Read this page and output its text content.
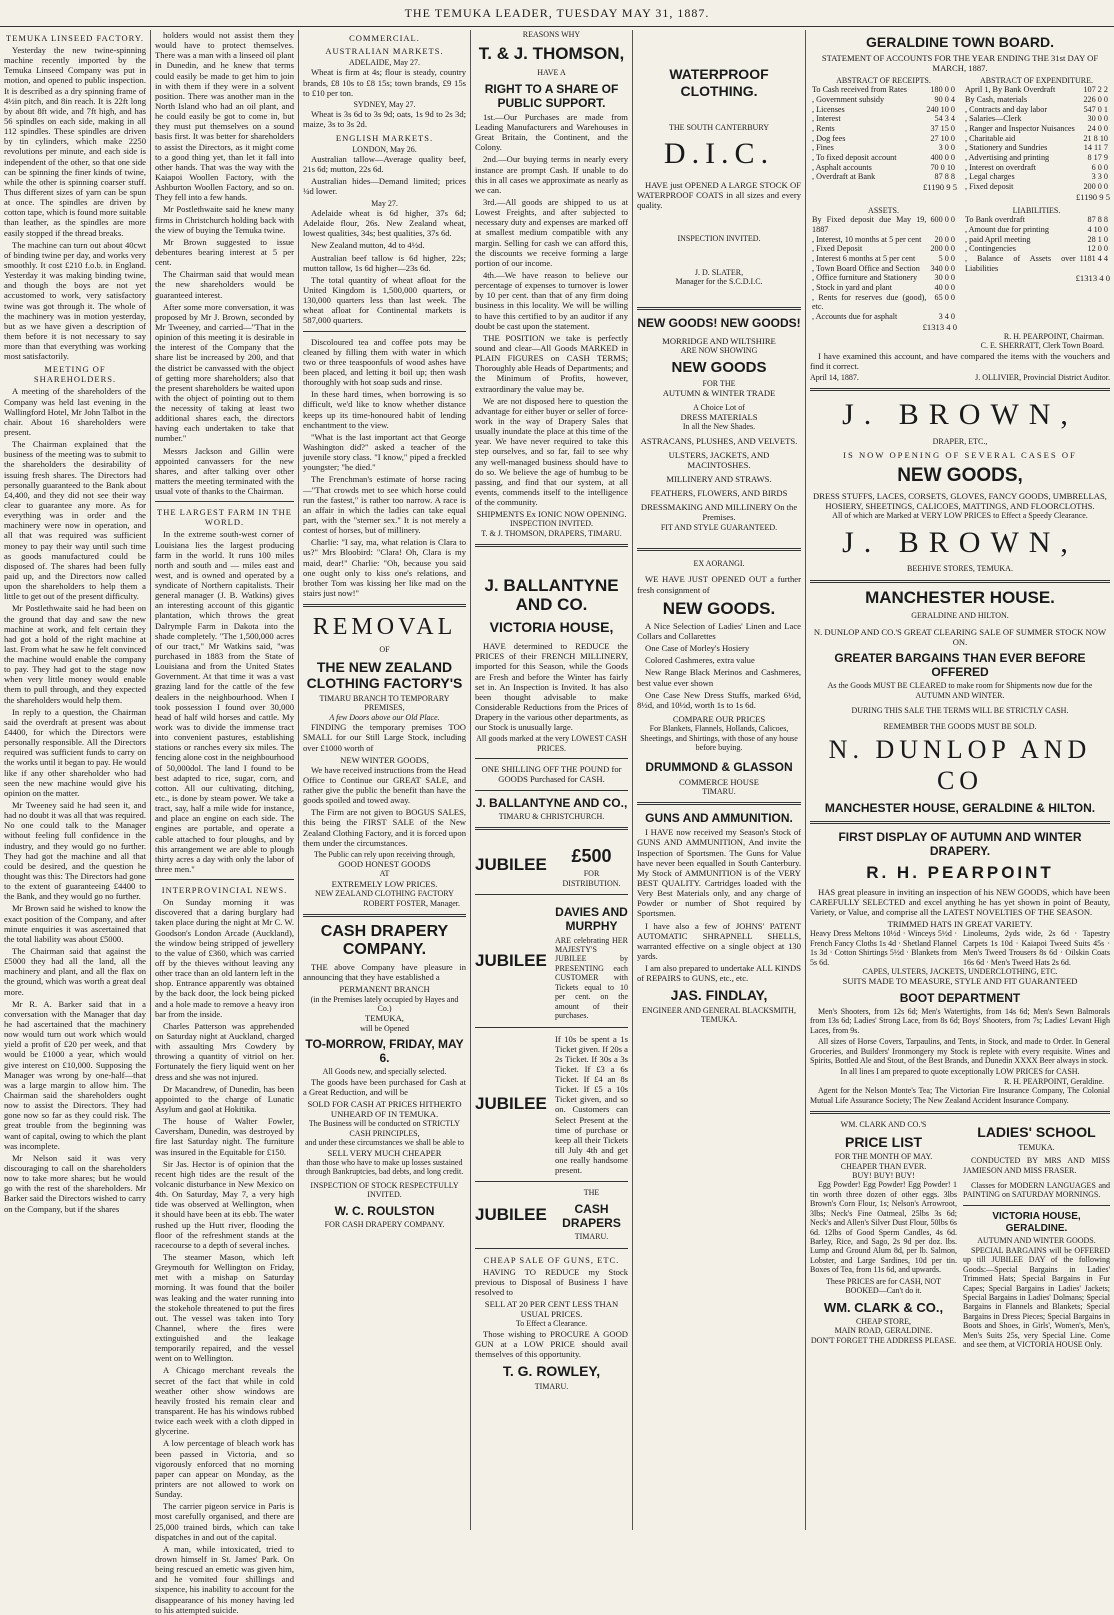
THE TEMUKA LEADER, TUESDAY MAY 31, 1887.
TEMUKA LINSEED FACTORY.

Yesterday the new twine-spinning machine recently imported by the Temuka Linseed Company was put in motion, and opened to public inspection. It is described as a dry spinning frame of 4½in pitch, and 8in reach. It is 22ft long by about 8ft wide, and 7ft high, and has 56 spindles on each side, making in all 112 spindles. These spindles are driven by tin cylinders, which make 2250 revolutions per minute, and each side is independent of the other, so that one side can be spinning the finer kinds of twine, while the other is spinning coarser stuff. Thus different sizes of yarn can be spun at once. The spindles are driven by cotton tape, which is found more suitable than leather, as the spindles are more easily stopped if the thread breaks.

The machine can turn out about 40cwt of binding twine per day, and works very smoothly. It cost £210 f.o.b. in England. Yesterday it was making binding twine, and though the boys are not yet accustomed to work, very satisfactory twine was got through it. The whole of the machinery was in motion yesterday, but as we have given a description of them before it is not necessary to say more than that everything was working most satisfactorily.

MEETING OF SHAREHOLDERS.

A meeting of the shareholders of the Company was held last evening in the Wallingford Hotel, Mr John Talbot in the chair. About 16 shareholders were present.

The Chairman explained that the business of the meeting was to submit to the shareholders the desirability of issuing fresh shares. The Directors had personally guaranteed to the Bank about £4,400, and they did not see their way clear to guarantee any more. As for everything was in order and the machinery were now in operation, and all that was required was sufficient money to pay their way until such time as goods manufactured could be disposed of. The shares had been fully paid up, and the Directors now called upon the shareholders to help them a little to get out of the present difficulty.

Mr Postlethwaite said he had been on the ground that day and saw the new machine at work, and felt certain they had got a hold of the right machine at last. From what he saw he felt convinced the machine would enable the company to pay. They had got to the stage now when very little money would enable them to pull through, and they expected the shareholders would help them.

In reply to a question, the Chairman said the overdraft at present was about £4400, for which the Directors were personally responsible. All the Directors required was sufficient funds to carry on the works until it began to pay. He would like if any other shareholder who had seen the new machine would give his opinion on the matter.

Mr Tweeney said he had seen it, and had no doubt it was all that was required. No one could talk to the Manager without feeling full confidence in the industry, and they would go no further. They had got the machine and all that could be desired, and the question he thought was this: The Directors had gone to the extent of guaranteeing £4400 to the Bank, and they would go no further.

Mr Brown said he wished to know the exact position of the Company, and after minute enquiries it was ascertained that the total liability was about £5000.

The Chairman said that against the £5000 they had all the land, all the machinery and plant, and all the flax on the ground, which was worth a great deal more.

Mr R. A. Barker said that in a conversation with the Manager that day he had ascertained that the machinery now would turn out work which would yield a profit of £20 per week, and that would be £1000 a year, which would give interest on £10,000. Supposing the Manager was wrong by one-half—that was a large margin to allow him. The Chairman said the shareholders ought now to assist the Directors. They had gone now so far as they could risk. The great trouble from the beginning was want of capital, owing to which the plant was incomplete.

Mr Nelson said it was very discouraging to call on the shareholders now to take more shares; but he would go with the rest of the shareholders. Mr Barker said the Directors wished to carry on the Company, but if the shares

holders would not assist them they would have to protect themselves. There was a man with a linseed oil plant in Dunedin, and he knew that terms could easily be made to get him to join in with them if they were in a solvent position. There was another man in the North Island who had an oil plant, and he could easily be got to come in, but they must put themselves on a sound basis first. It was better for shareholders to assist the Directors, as it might come to a good thing yet, than let it fall into other hands. That was the way with the Kaiapoi Woollen Factory, with the Ashburton Woollen Factory, and so on. They fell into a few hands.

Mr Postlethwaite said he knew many firms in Christchurch holding back with the view of buying the Temuka twine.

Mr Brown suggested to issue debentures bearing interest at 5 per cent.

The Chairman said that would mean the new shareholders would be guaranteed interest.

After some more conversation, it was proposed by Mr J. Brown, seconded by Mr Tweeney, and carried—"That in the opinion of this meeting it is desirable in the interest of the Company that the share list be increased by 200, and that the district be canvassed with the object of getting more shareholders; also that the present shareholders be waited upon with the object of pointing out to them the necessity of taking at least two additional shares each, the directors having each undertaken to take that number."

Messrs Jackson and Gillin were appointed canvassers for the new shares, and after talking over other matters the meeting terminated with the usual vote of thanks to the Chairman.

THE LARGEST FARM IN THE WORLD.

In the extreme south-west corner of Louisiana lies the largest producing farm in the world. It runs 100 miles north and south and — miles east and west, and is owned and operated by a syndicate of Northern capitalists. Their general manager (J. B. Watkins) gives an interesting account of this gigantic plantation, which throws the great Dalrymple Farm in Dakota into the shade completely. "The 1,500,000 acres of our tract," Mr Watkins said, "was purchased in 1883 from the State of Louisiana and from the United States Government. At that time it was a vast grazing land for the cattle of the few dealers in the neighbourhood. When I took possession I found over 30,000 head of half wild horses and cattle. My work was to divide the immense tract into convenient pastures, establishing stations or ranches every six miles. The fencing alone cost in the neighbourhood of 50,000dol. The land I found to be best adapted to rice, sugar, corn, and cotton. All our cultivating, ditching, etc., is done by steam power. We take a tract, say, half a mile wide for instance, and place an engine on each side. The engines are portable, and operate a cable attached to four ploughs, and by this arrangement we are able to plough thirty acres a day with only the labor of three men."

INTERPROVINCIAL NEWS.

On Sunday morning it was discovered that a daring burglary had taken place during the night at Mr C. W. Goodson's London Arcade (Auckland), the window being stripped of jewellery to the value of £360, which was carried off by the thieves without leaving any other trace than an old lantern left in the shop. Entrance apparently was obtained by the back door, the lock being picked and a hole made to remove a heavy iron bar from the inside.

Charles Patterson was apprehended on Saturday night at Auckland, charged with assaulting Mrs Cowdery by throwing a quantity of vitriol on her. Fortunately the fiery liquid went on her dress and she was not injured.

Dr Macandrew, of Dunedin, has been appointed to the charge of Lunatic Asylum and gaol at Hokitika.

The house of Walter Fowler, Caversham, Dunedin, was destroyed by fire last Saturday night. The furniture was insured in the Equitable for £150.

Sir Jas. Hector is of opinion that the recent high tides are the result of the volcanic disturbance in New Mexico on 4th. On Saturday, May 7, a very high tide was observed at Wellington, when it should have been at its ebb. The water rushed up the Hutt river, flooding the floor of the refreshment stands at the racecourse to a depth of several inches.

The steamer Mason, which left Greymouth for Wellington on Friday, met with a mishap on Saturday morning. It was found that the boiler was leaking and the water running into the stokehole threatened to put the fires out. The vessel was taken into Tory Channel, where the fires were extinguished and the leakage temporarily repaired, and the vessel went on to Wellington.

A Chicago merchant reveals the secret of the fact that while in cold weather other show windows are heavily frosted his remain clear and transparent. He has his windows rubbed twice each week with a cloth dipped in glycerine.

A low percentage of bleach work has been passed in Victoria, and so vigorously enforced that no morning paper can appear on Monday, as the printers are not allowed to work on Sunday.

The carrier pigeon service in Paris is most carefully organised, and there are 25,000 trained birds, which can take dispatches in and out of the capital.

A man, while intoxicated, tried to drown himself in St. James' Park. On being rescued an emetic was given him, and he vomited four shillings and sixpence, his inability to account for the disappearance of his money having led to his attempted suicide.

COMMERCIAL.
AUSTRALIAN MARKETS.
ADELAIDE, May 27.

Wheat is firm at 4s; flour is steady, country brands, £8 10s to £8 15s; town brands, £9 15s to £10 per ton.

SYDNEY, May 27.

Wheat is 3s 6d to 3s 9d; oats, 1s 9d to 2s 3d; maize, 3s to 3s 2d.

ENGLISH MARKETS.
LONDON, May 26.

Australian tallow—Average quality beef, 21s 6d; mutton, 22s 6d.

Australian hides—Demand limited; prices ¼d lower.

May 27.

Adelaide wheat is 6d higher, 37s 6d; Adelaide flour, 26s. New Zealand wheat, lowest qualities, 34s; best qualities, 37s 6d.

New Zealand mutton, 4d to 4½d.

Australian beef tallow is 6d higher, 22s; mutton tallow, 1s 6d higher—23s 6d.

The total quantity of wheat afloat for the United Kingdom is 1,500,000 quarters, or 130,000 quarters less than last week. The wheat afloat for Continental markets is 587,000 quarters.

Discoloured tea and coffee pots may be cleaned by filling them with water in which two or three teaspoonfuls of wood ashes have been placed, and letting it boil up; then wash thoroughly with hot soap suds and rinse.

In these hard times, when borrowing is so difficult, we'd like to know whether distance keeps up its time-honoured habit of lending enchantment to the view.

"What is the last important act that George Washington did?" asked a teacher of the juvenile story class. "I know," piped a freckled youngster; "he died."

The Frenchman's estimate of horse racing—"That crowds met to see which horse could run the fastest," is rather too narrow. A race is an affair in which the ladies can take equal part, with the "sterner sex." It is not merely a contest of horses, but of millinery.

Charlie: "I say, ma, what relation is Clara to us?" Mrs Bloobird: "Clara! Oh, Clara is my maid, dear!" Charlie: "Oh, because you said one ought only to kiss one's relations, and brother Tom was kissing her like mad on the stairs just now!"

REMOVAL
OF
THE NEW ZEALAND CLOTHING FACTORY'S
TIMARU BRANCH TO TEMPORARY PREMISES,
A few Doors above our Old Place.

FINDING the temporary premises TOO SMALL for our Still Large Stock, including over £1000 worth of

NEW WINTER GOODS,

We have received instructions from the Head Office to Continue our GREAT SALE, and rather give the public the benefit than have the goods spoiled and towed away.

The Firm are not given to BOGUS SALES, this being the FIRST SALE of the New Zealand Clothing Factory, and it is forced upon them under the circumstances.

The Public can rely upon receiving through,
GOOD HONEST GOODS
AT
EXTREMELY LOW PRICES.
NEW ZEALAND CLOTHING FACTORY
ROBERT FOSTER, Manager.
CASH DRAPERY COMPANY.

THE above Company have pleasure in announcing that they have established a

PERMANENT BRANCH
(in the Premises lately occupied by Hayes and Co.)
TEMUKA,
will be Opened
TO-MORROW, FRIDAY, MAY 6.
All Goods new, and specially selected.

The goods have been purchased for Cash at a Great Reduction, and will be

SOLD FOR CASH AT PRICES HITHERTO UNHEARD OF IN TEMUKA.
The Business will be conducted on STRICTLY CASH PRINCIPLES,
and under these circumstances we shall be able to
SELL VERY MUCH CHEAPER
than those who have to make up losses sustained through Bankruptcies, bad debts, and long credit.
INSPECTION OF STOCK RESPECTFULLY INVITED.
W. C. ROULSTON
FOR CASH DRAPERY COMPANY.
REASONS WHY
T. & J. THOMSON,
HAVE A
RIGHT TO A SHARE OF PUBLIC SUPPORT.

1st.—Our Purchases are made from Leading Manufacturers and Warehouses in Great Britain, the Continent, and the Colony.

2nd.—Our buying terms in nearly every instance are prompt Cash. If unable to do this in all cases we approximate as nearly as we can.

3rd.—All goods are shipped to us at Lowest Freights, and after subjected to necessary duty and expenses are marked off at smallest medium compatible with any margin. Selling for cash we can afford this, the discounts we receive forming a large portion of our income.

4th.—We have reason to believe our percentage of expenses to turnover is lower by 10 per cent. than that of any firm doing business in this locality. We will be willing to have this certified to by an auditor if any doubt be cast upon the statement.

THE POSITION we take is perfectly sound and clear—All Goods MARKED in PLAIN FIGURES on CASH TERMS; Thoroughly able Heads of Departments; and the Minimum of Profits, however, extraordinary the value may be.

We are not disposed here to question the advantage for either buyer or seller of force-work in the way of Drapery Sales that usually inundate the place at this time of the year. We have never required to take this step ourselves, and so far, fail to see why any well-managed business should have to do so. We believe the age of humbug to be passing, and find that our system, at all events, commends itself to the intelligence of the community.

SHIPMENTS Ex IONIC NOW OPENING.
INSPECTION INVITED.
T. & J. THOMSON, DRAPERS, TIMARU.
J. BALLANTYNE AND CO.
VICTORIA HOUSE,

HAVE determined to REDUCE the PRICES of their FRENCH MILLINERY, imported for this Season, while the Goods are Fresh and before the Winter has fairly set in. An Inspection is Invited. It has also been thought advisable to make Considerable Reductions from the Prices of Drapery in the various other departments, as our Stock is unusually large.

All goods marked at the very LOWEST CASH PRICES.
ONE SHILLING OFF THE POUND for GOODS Purchased for CASH.
J. BALLANTYNE AND CO.,
TIMARU & CHRISTCHURCH.
JUBILEE	£500
FOR DISTRIBUTION.
JUBILEE
DAVIES AND MURPHY
ARE celebrating HER MAJESTY'S JUBILEE by PRESENTING each CUSTOMER with Tickets equal to 10 per cent. on the amount of their purchases.
JUBILEE
If 10s be spent a 1s Ticket given. If 20s a 2s Ticket. If 30s a 3s Ticket. If £3 a 6s Ticket. If £4 an 8s Ticket. If £5 a 10s Ticket given, and so on. Customers can Select Present at the time of purchase or keep all their Tickets till July 4th and get one really handsome present.
JUBILEE
THE
CASH DRAPERS
TIMARU.
CHEAP SALE OF GUNS, ETC.

HAVING TO REDUCE my Stock previous to Disposal of Business I have resolved to

SELL AT 20 PER CENT LESS THAN USUAL PRICES.
To Effect a Clearance.

Those wishing to PROCURE A GOOD GUN at a LOW PRICE should avail themselves of this opportunity.

T. G. ROWLEY,
TIMARU.
WATERPROOF CLOTHING.
THE SOUTH CANTERBURY
D.I.C.

HAVE just OPENED A LARGE STOCK OF WATERPROOF COATS in all sizes and every quality.

INSPECTION INVITED.
J. D. SLATER,
Manager for the S.C.D.I.C.
NEW GOODS! NEW GOODS!
MORRIDGE AND WILTSHIRE
ARE NOW SHOWING
NEW GOODS
FOR THE
AUTUMN & WINTER TRADE
A Choice Lot of
DRESS MATERIALS
In all the New Shades.
ASTRACANS, PLUSHES, AND VELVETS.
ULSTERS, JACKETS, AND MACINTOSHES.
MILLINERY AND STRAWS.
FEATHERS, FLOWERS, AND BIRDS
DRESSMAKING AND MILLINERY On the Premises.
FIT AND STYLE GUARANTEED.
EX AORANGI.

WE HAVE JUST OPENED OUT a further fresh consignment of

NEW GOODS.

A Nice Selection of Ladies' Linen and Lace Collars and Collarettes

One Case of Morley's Hosiery

Colored Cashmeres, extra value

New Range Black Merinos and Cashmeres, best value ever shown

One Case New Dress Stuffs, marked 6½d, 8½d, and 10½d, worth 1s to 1s 6d.

COMPARE OUR PRICES
For Blankets, Flannels, Hollands, Calicoes, Sheetings, and Shirtings, with those of any house before buying.
DRUMMOND & GLASSON
COMMERCE HOUSE
TIMARU.
GUNS AND AMMUNITION.

I HAVE now received my Season's Stock of GUNS AND AMMUNITION, And invite the Inspection of Sportsmen. The Guns for Value have never been equalled in South Canterbury. My Stock of AMMUNITION is of the VERY BEST QUALITY. Cartridges loaded with the Very Best Materials only, and any charge of Powder or number of Shot required by Sportsmen.

I have also a few of JOHNS' PATENT AUTOMATIC SHRAPNELL SHELLS, warranted effective on a single object at 130 yards.

I am also prepared to undertake ALL KINDS of REPAIRS to GUNS, etc., etc.

JAS. FINDLAY,
ENGINEER AND GENERAL BLACKSMITH,
TEMUKA.
GERALDINE TOWN BOARD.
STATEMENT OF ACCOUNTS FOR THE YEAR ENDING THE 31st DAY OF MARCH, 1887.
ABSTRACT OF RECEIPTS.
To Cash received from Rates	180 0 0
, Government subsidy	90 0 4
, Licenses	240 10 0
, Interest	54 3 4
, Rents	37 15 0
, Dog fees	27 10 0
, Fines	3 0 0
, To fixed deposit account	400 0 0
, Asphalt accounts	70 0 10
, Overdraft at Bank	87 8 8
£1190 9 5
ABSTRACT OF EXPENDITURE.
April 1, By Bank Overdraft	107 2 2
By Cash, materials	226 0 0
, Contracts and day labor	547 0 1
, Salaries—Clerk	30 0 0
, Ranger and Inspector Nuisances	24 0 0
, Charitable aid	21 8 10
, Stationery and Sundries	14 11 7
, Advertising and printing	8 17 9
, Interest on overdraft	6 0 0
, Legal charges	3 3 0
, Fixed deposit	200 0 0
£1190 9 5
ASSETS.
By Fixed deposit due May 19, 1887	600 0 0
, Interest, 10 months at 5 per cent	20 0 0
, Fixed Deposit	200 0 0
, Interest 6 months at 5 per cent	5 0 0
, Town Board Office and Section	340 0 0
, Office furniture and Stationery	30 0 0
, Stock in yard and plant	40 0 0
, Rents for reserves due (good), etc.	65 0 0
, Accounts due for asphalt	3 4 0
£1313 4 0
LIABILITIES.
To Bank overdraft	87 8 8
, Amount due for printing	4 10 0
, paid April meeting	28 1 0
, Contingencies	12 0 0
, Balance of Assets over Liabilities	1181 4 4
£1313 4 0
R. H. PEARPOINT, Chairman.
C. E. SHERRATT, Clerk Town Board.

I have examined this account, and have compared the items with the vouchers and find it correct.

April 14, 1887.	J. OLLIVIER, Provincial District Auditor.
J. BROWN,
DRAPER, ETC.,
IS NOW OPENING OF SEVERAL CASES OF
NEW GOODS,
DRESS STUFFS, LACES, CORSETS, GLOVES, FANCY GOODS, UMBRELLAS, HOSIERY, SHEETINGS, CALICOES, MATTINGS, AND FLOORCLOTHS.
All of which are Marked at VERY LOW PRICES to Effect a Speedy Clearance.
J. BROWN,
BEEHIVE STORES, TEMUKA.
MANCHESTER HOUSE.
GERALDINE AND HILTON.
N. DUNLOP AND CO.'S GREAT CLEARING SALE OF SUMMER STOCK NOW ON.
GREATER BARGAINS THAN EVER BEFORE OFFERED
As the Goods MUST BE CLEARED to make room for Shipments now due for the AUTUMN AND WINTER.
DURING THIS SALE THE TERMS WILL BE STRICTLY CASH.
REMEMBER THE GOODS MUST BE SOLD.
N. DUNLOP AND CO
MANCHESTER HOUSE, GERALDINE & HILTON.
FIRST DISPLAY OF AUTUMN AND WINTER DRAPERY.
R. H. PEARPOINT

HAS great pleasure in inviting an inspection of his NEW GOODS, which have been CAREFULLY SELECTED and excel anything he has yet shown in point of Beauty, Variety, or Value, and comprise all the LATEST NOVELTIES OF THE SEASON.

TRIMMED HATS IN GREAT VARIETY.
Heavy Dress Meltons 10½d · Winceys 5½d · French Fancy Cloths 1s 4d · Shetland Flannel 1s 3d · Cotton Shirtings 5½d · Blankets from 5s 6d.
Linoleums, 2yds wide, 2s 6d · Tapestry Carpets 1s 10d · Kaiapoi Tweed Suits 45s · Men's Tweed Trousers 8s 6d · Oilskin Coats 16s 6d · Men's Tweed Hats 2s 6d.
CAPES, ULSTERS, JACKETS, UNDERCLOTHING, ETC.
SUITS MADE TO MEASURE, STYLE AND FIT GUARANTEED
BOOT DEPARTMENT

Men's Shooters, from 12s 6d; Men's Watertights, from 14s 6d; Men's Sewn Balmorals from 13s 6d; Ladies' Strong Lace, from 8s 6d; Boys' Shooters, from 7s; Ladies' Levant High Laces, from 9s.

All sizes of Horse Covers, Tarpaulins, and Tents, in Stock, and made to Order. In General Groceries, and Builders' Ironmongery my Stock is replete with every requisite. Wines and Spirits, Bottled Ale and Stout, of the Best Brands, and Dunedin XXXX Beer always in stock.

In all lines I am prepared to quote exceptionally LOW PRICES for CASH.
R. H. PEARPOINT, Geraldine.

Agent for the Nelson Monte's Tea; The Victorian Fire Insurance Company, The Colonial Mutual Life Assurance Society; The New Zealand Accident Insurance Company.

WM. CLARK AND CO.'S
PRICE LIST
FOR THE MONTH OF MAY.
CHEAPER THAN EVER.
BUY! BUY! BUY!

Egg Powder! Egg Powder! Egg Powder! 1 tin worth three dozen of other eggs. 3lbs Brown's Corn Flour, 1s; Nelson's Arrowroot, 3lbs; Neck's Fine Oatmeal, 25lbs 3s 6d; Neck's and Allen's Silver Dust Flour, 50lbs 6s 6d. 12lbs of Good Sperm Candles, 4s 6d. Barley, Rice, and Sago, 2s 9d per doz. lbs. Lump and Ground Alum 8d, per lb. Salmon, Lobster, and Large Sardines, 10d per tin. Boxes of Tea, from 11s 6d, and upwards.

These PRICES are for CASH, NOT BOOKED—Can't do it.
WM. CLARK & CO.,
CHEAP STORE,
MAIN ROAD, GERALDINE.
DON'T FORGET THE ADDRESS PLEASE.
LADIES' SCHOOL
TEMUKA.

CONDUCTED BY MRS AND MISS JAMIESON AND MISS FRASER.

Classes for MODERN LANGUAGES and PAINTING on SATURDAY MORNINGS.

VICTORIA HOUSE, GERALDINE.
AUTUMN AND WINTER GOODS.

SPECIAL BARGAINS will be OFFERED up till JUBILEE DAY of the following Goods:—Special Bargains in Ladies' Trimmed Hats; Special Bargains in Fur Capes; Special Bargains in Ladies' Jackets; Special Bargains in Ladies' Dolmans; Special Bargains in Flannels and Blankets; Special Bargains in Dress Pieces; Special Bargains in Boots and Shoes, in Girls', Women's, Men's, Men's Suits 25s, very Special Line. Come and see them, at VICTORIA HOUSE Only.
